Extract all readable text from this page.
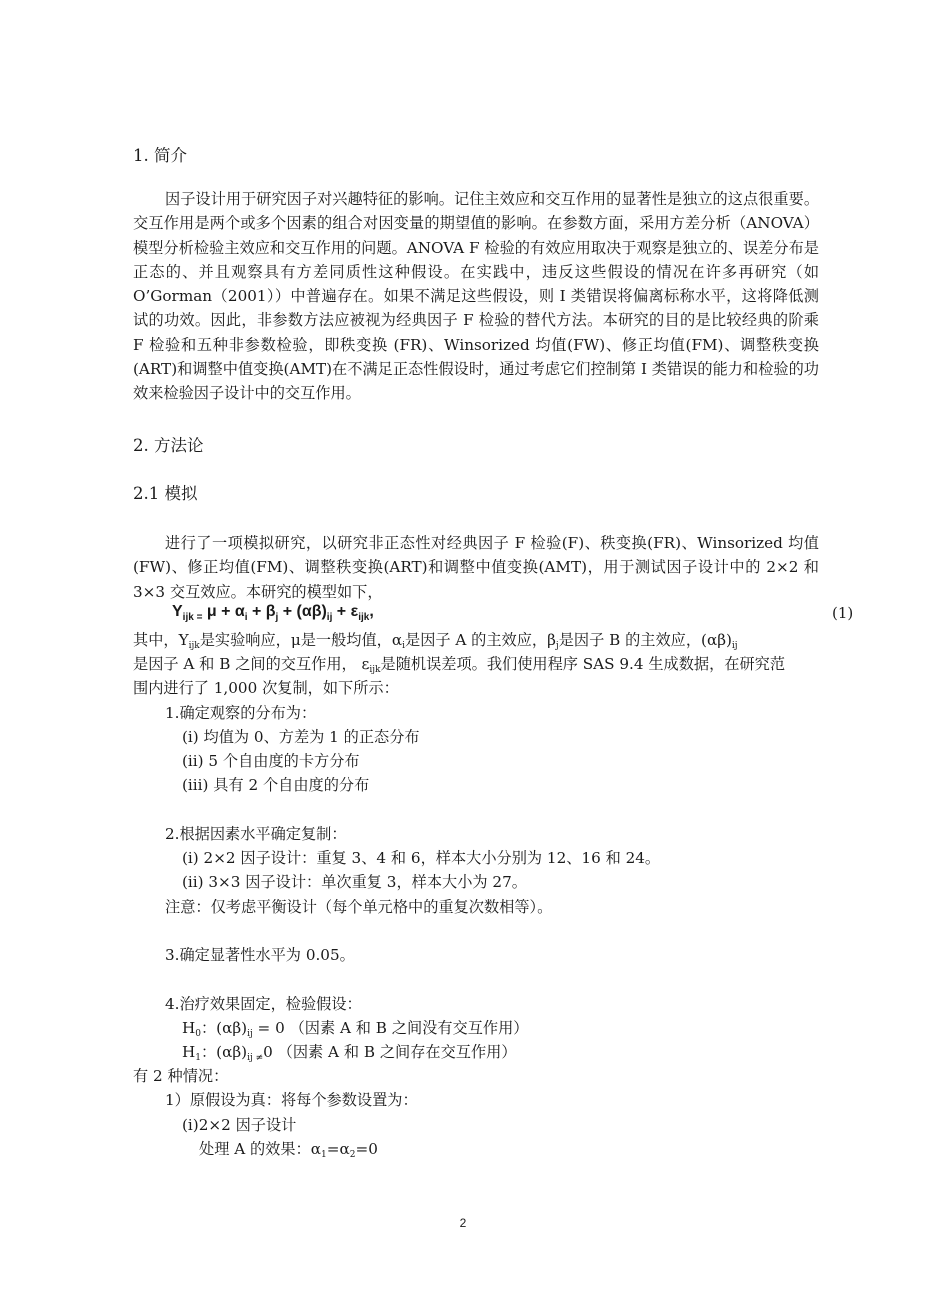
1. 简介

因子设计用于研究因子对兴趣特征的影响。记住主效应和交互作用的显著性是独立的这点很重要。交互作用是两个或多个因素的组合对因变量的期望值的影响。在参数方面，采用方差分析（ANOVA）模型分析检验主效应和交互作用的问题。ANOVA F 检验的有效应用取决于观察是独立的、误差分布是正态的、并且观察具有方差同质性这种假设。在实践中，违反这些假设的情况在许多再研究（如 O’Gorman（2001））中普遍存在。如果不满足这些假设，则 I 类错误将偏离标称水平，这将降低测试的功效。因此，非参数方法应被视为经典因子 F 检验的替代方法。本研究的目的是比较经典的阶乘 F 检验和五种非参数检验，即秩变换 (FR)、Winsorized 均值(FW)、修正均值(FM)、调整秩变换(ART)和调整中值变换(AMT)在不满足正态性假设时，通过考虑它们控制第 I 类错误的能力和检验的功效来检验因子设计中的交互作用。

2. 方法论
2.1 模拟

进行了一项模拟研究，以研究非正态性对经典因子 F 检验(F)、秩变换(FR)、Winsorized 均值(FW)、修正均值(FM)、调整秩变换(ART)和调整中值变换(AMT)，用于测试因子设计中的 2×2 和 3×3 交互效应。本研究的模型如下，

$Y_{ijk =}$ $\mu + \alpha_i + \beta_j + (\alpha\beta)_{ij} + \varepsilon_{ijk}$,	(1)
其中，$Y_{ijk}$是实验响应，μ是一般均值，$\alpha_i$是因子 A 的主效应，$\beta_j$是因子 B 的主效应，$(\alpha\beta)_{ij}$
是因子 A 和 B 之间的交互作用， $\varepsilon_{ijk}$是随机误差项。我们使用程序 SAS 9.4 生成数据，在研究范
围内进行了 1,000 次复制，如下所示：
1.确定观察的分布为：
(i) 均值为 0、方差为 1 的正态分布
(ii) 5 个自由度的卡方分布
(iii) 具有 2 个自由度的分布
2.根据因素水平确定复制：
(i) 2×2 因子设计：重复 3、4 和 6，样本大小分别为 12、16 和 24。
(ii) 3×3 因子设计：单次重复 3，样本大小为 27。
注意：仅考虑平衡设计（每个单元格中的重复次数相等）。
3.确定显著性水平为 0.05。
4.治疗效果固定，检验假设：
$H_0$：$(\alpha\beta)_{ij} = 0$ （因素 A 和 B 之间没有交互作用）
$H_1$：$(\alpha\beta)_{ij \ne}0$ （因素 A 和 B 之间存在交互作用）
有 2 种情况：
1）原假设为真：将每个参数设置为：
(i)2×2 因子设计
处理 A 的效果：$\alpha_1=\alpha_2=0$
2
